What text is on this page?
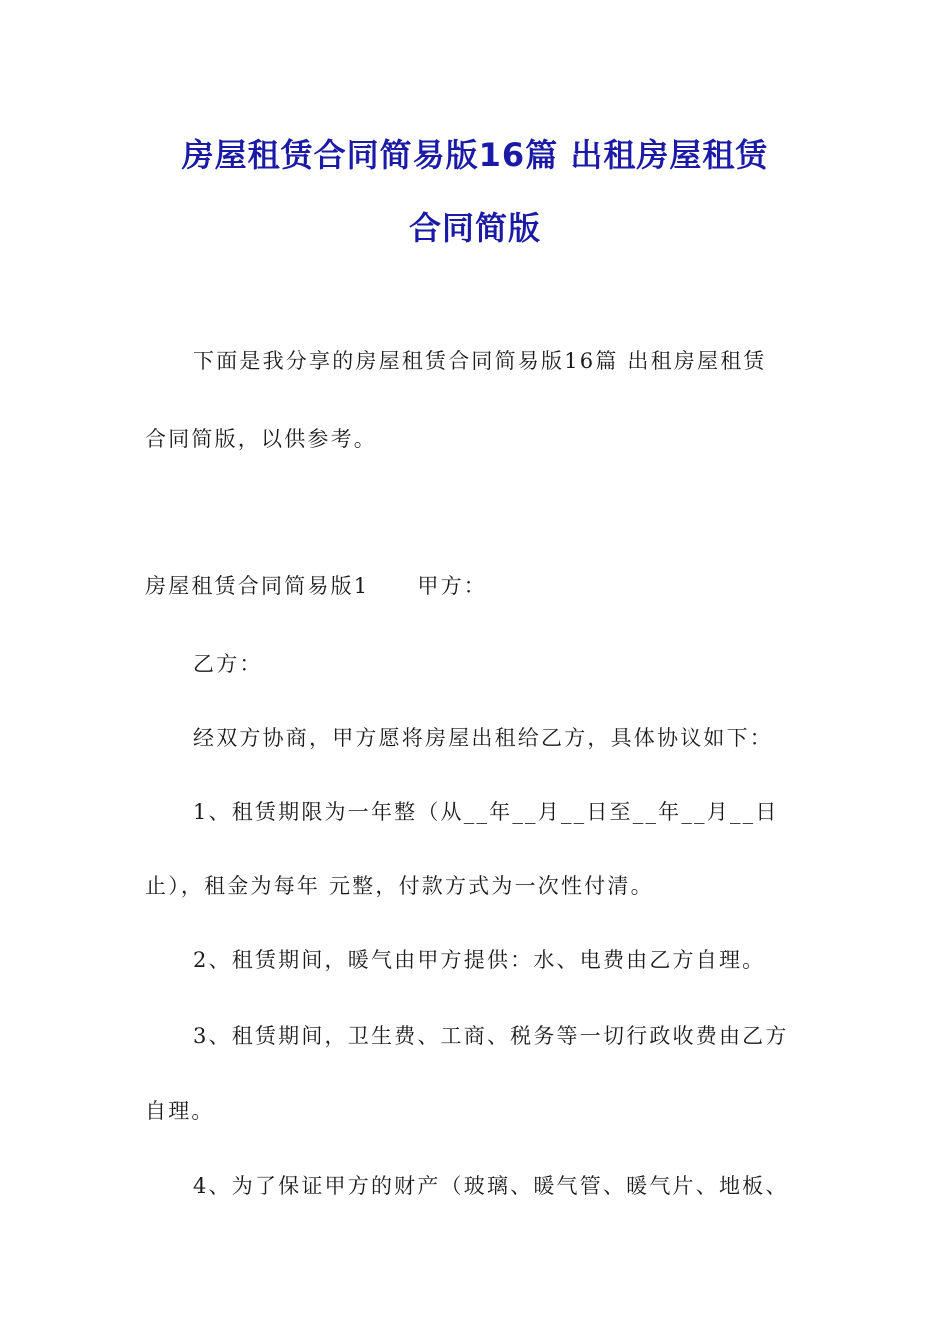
房屋租赁合同简易版16篇 出租房屋租赁
合同简版

下面是我分享的房屋租赁合同简易版16篇 出租房屋租赁

合同简版，以供参考。

房屋租赁合同简易版1 甲方：

乙方：

经双方协商，甲方愿将房屋出租给乙方，具体协议如下：

1、租赁期限为一年整（从__年__月__日至__年__月__日

止），租金为每年 元整，付款方式为一次性付清。

2、租赁期间，暖气由甲方提供：水、电费由乙方自理。

3、租赁期间，卫生费、工商、税务等一切行政收费由乙方

自理。

4、为了保证甲方的财产（玻璃、暖气管、暖气片、地板、
